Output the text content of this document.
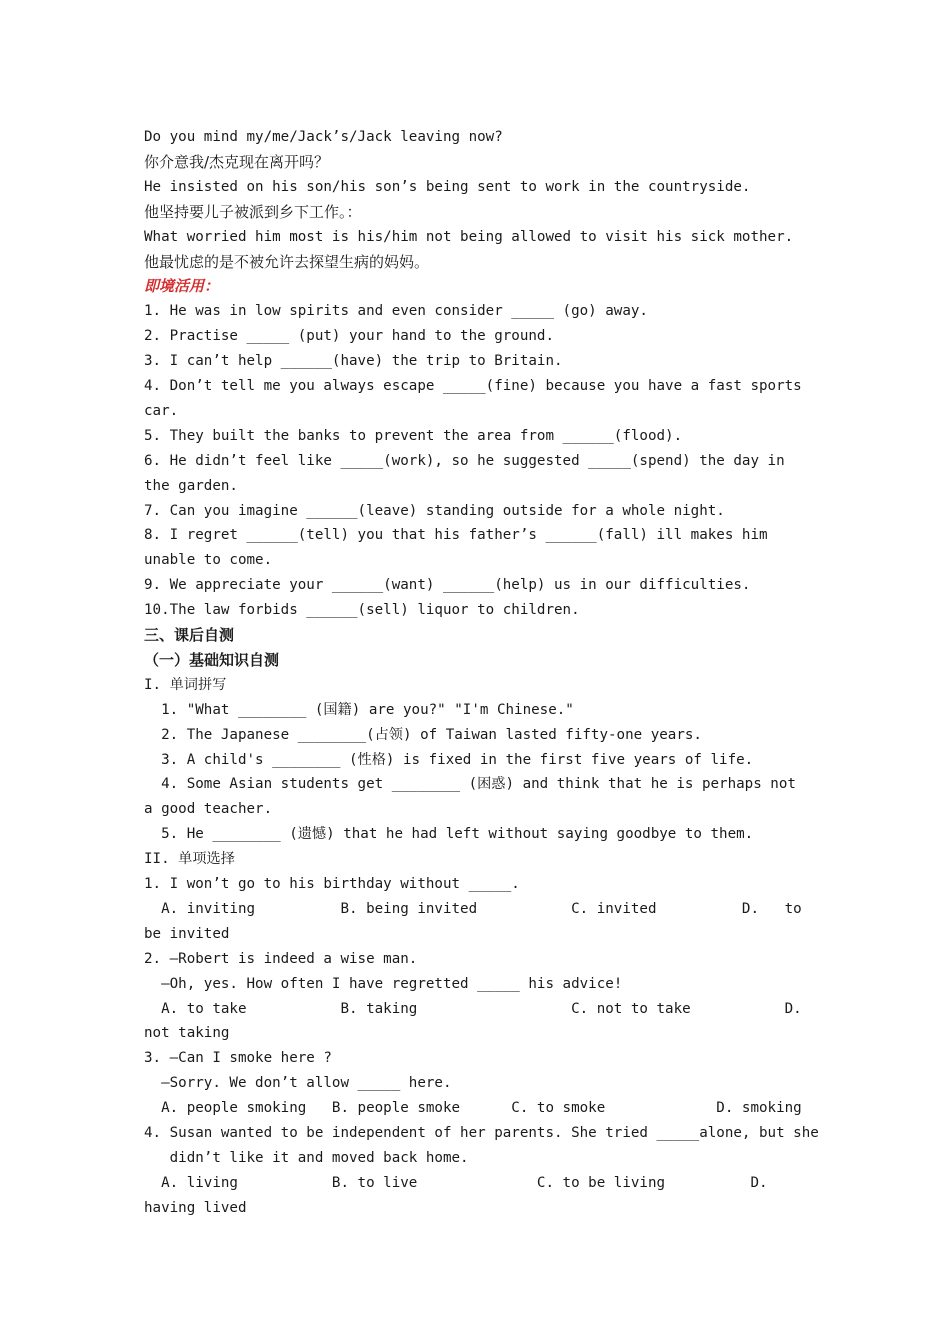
Do you mind my/me/Jack’s/Jack leaving now?
你介意我/杰克现在离开吗？
He insisted on his son/his son’s being sent to work in the countryside.
他坚持要儿子被派到乡下工作。：
What worried him most is his/him not being allowed to visit his sick mother.
他最忧虑的是不被允许去探望生病的妈妈。
即境活用：
1. He was in low spirits and even consider _____ (go) away.
2. Practise _____ (put) your hand to the ground.
3. I can’t help ______(have) the trip to Britain.
4. Don’t tell me you always escape _____(fine) because you have a fast sports
car.
5. They built the banks to prevent the area from ______(flood).
6. He didn’t feel like _____(work), so he suggested _____(spend) the day in
the garden.
7. Can you imagine ______(leave) standing outside for a whole night.
8. I regret ______(tell) you that his father’s ______(fall) ill makes him
unable to come.
9. We appreciate your ______(want) ______(help) us in our difficulties.
10.The law forbids ______(sell) liquor to children.
三、课后自测
（一）基础知识自测
I. 单词拼写
1. "What ________ (国籍) are you?" "I'm Chinese."
2. The Japanese ________(占领) of Taiwan lasted fifty-one years.
3. A child's ________ (性格) is fixed in the first five years of life.
4. Some Asian students get ________ (困惑) and think that he is perhaps not
a good teacher.
5. He ________ (遗憾) that he had left without saying goodbye to them.
II. 单项选择
1. I won’t go to his birthday without _____.
A. inviting          B. being invited           C. invited          D.   to
be invited
2. —Robert is indeed a wise man.
—Oh, yes. How often I have regretted _____ his advice!
A. to take           B. taking                  C. not to take           D.
not taking
3. —Can I smoke here ?
—Sorry. We don’t allow _____ here.
A. people smoking   B. people smoke      C. to smoke             D. smoking
4. Susan wanted to be independent of her parents. She tried _____alone, but she
didn’t like it and moved back home.
A. living           B. to live              C. to be living          D.
having lived
